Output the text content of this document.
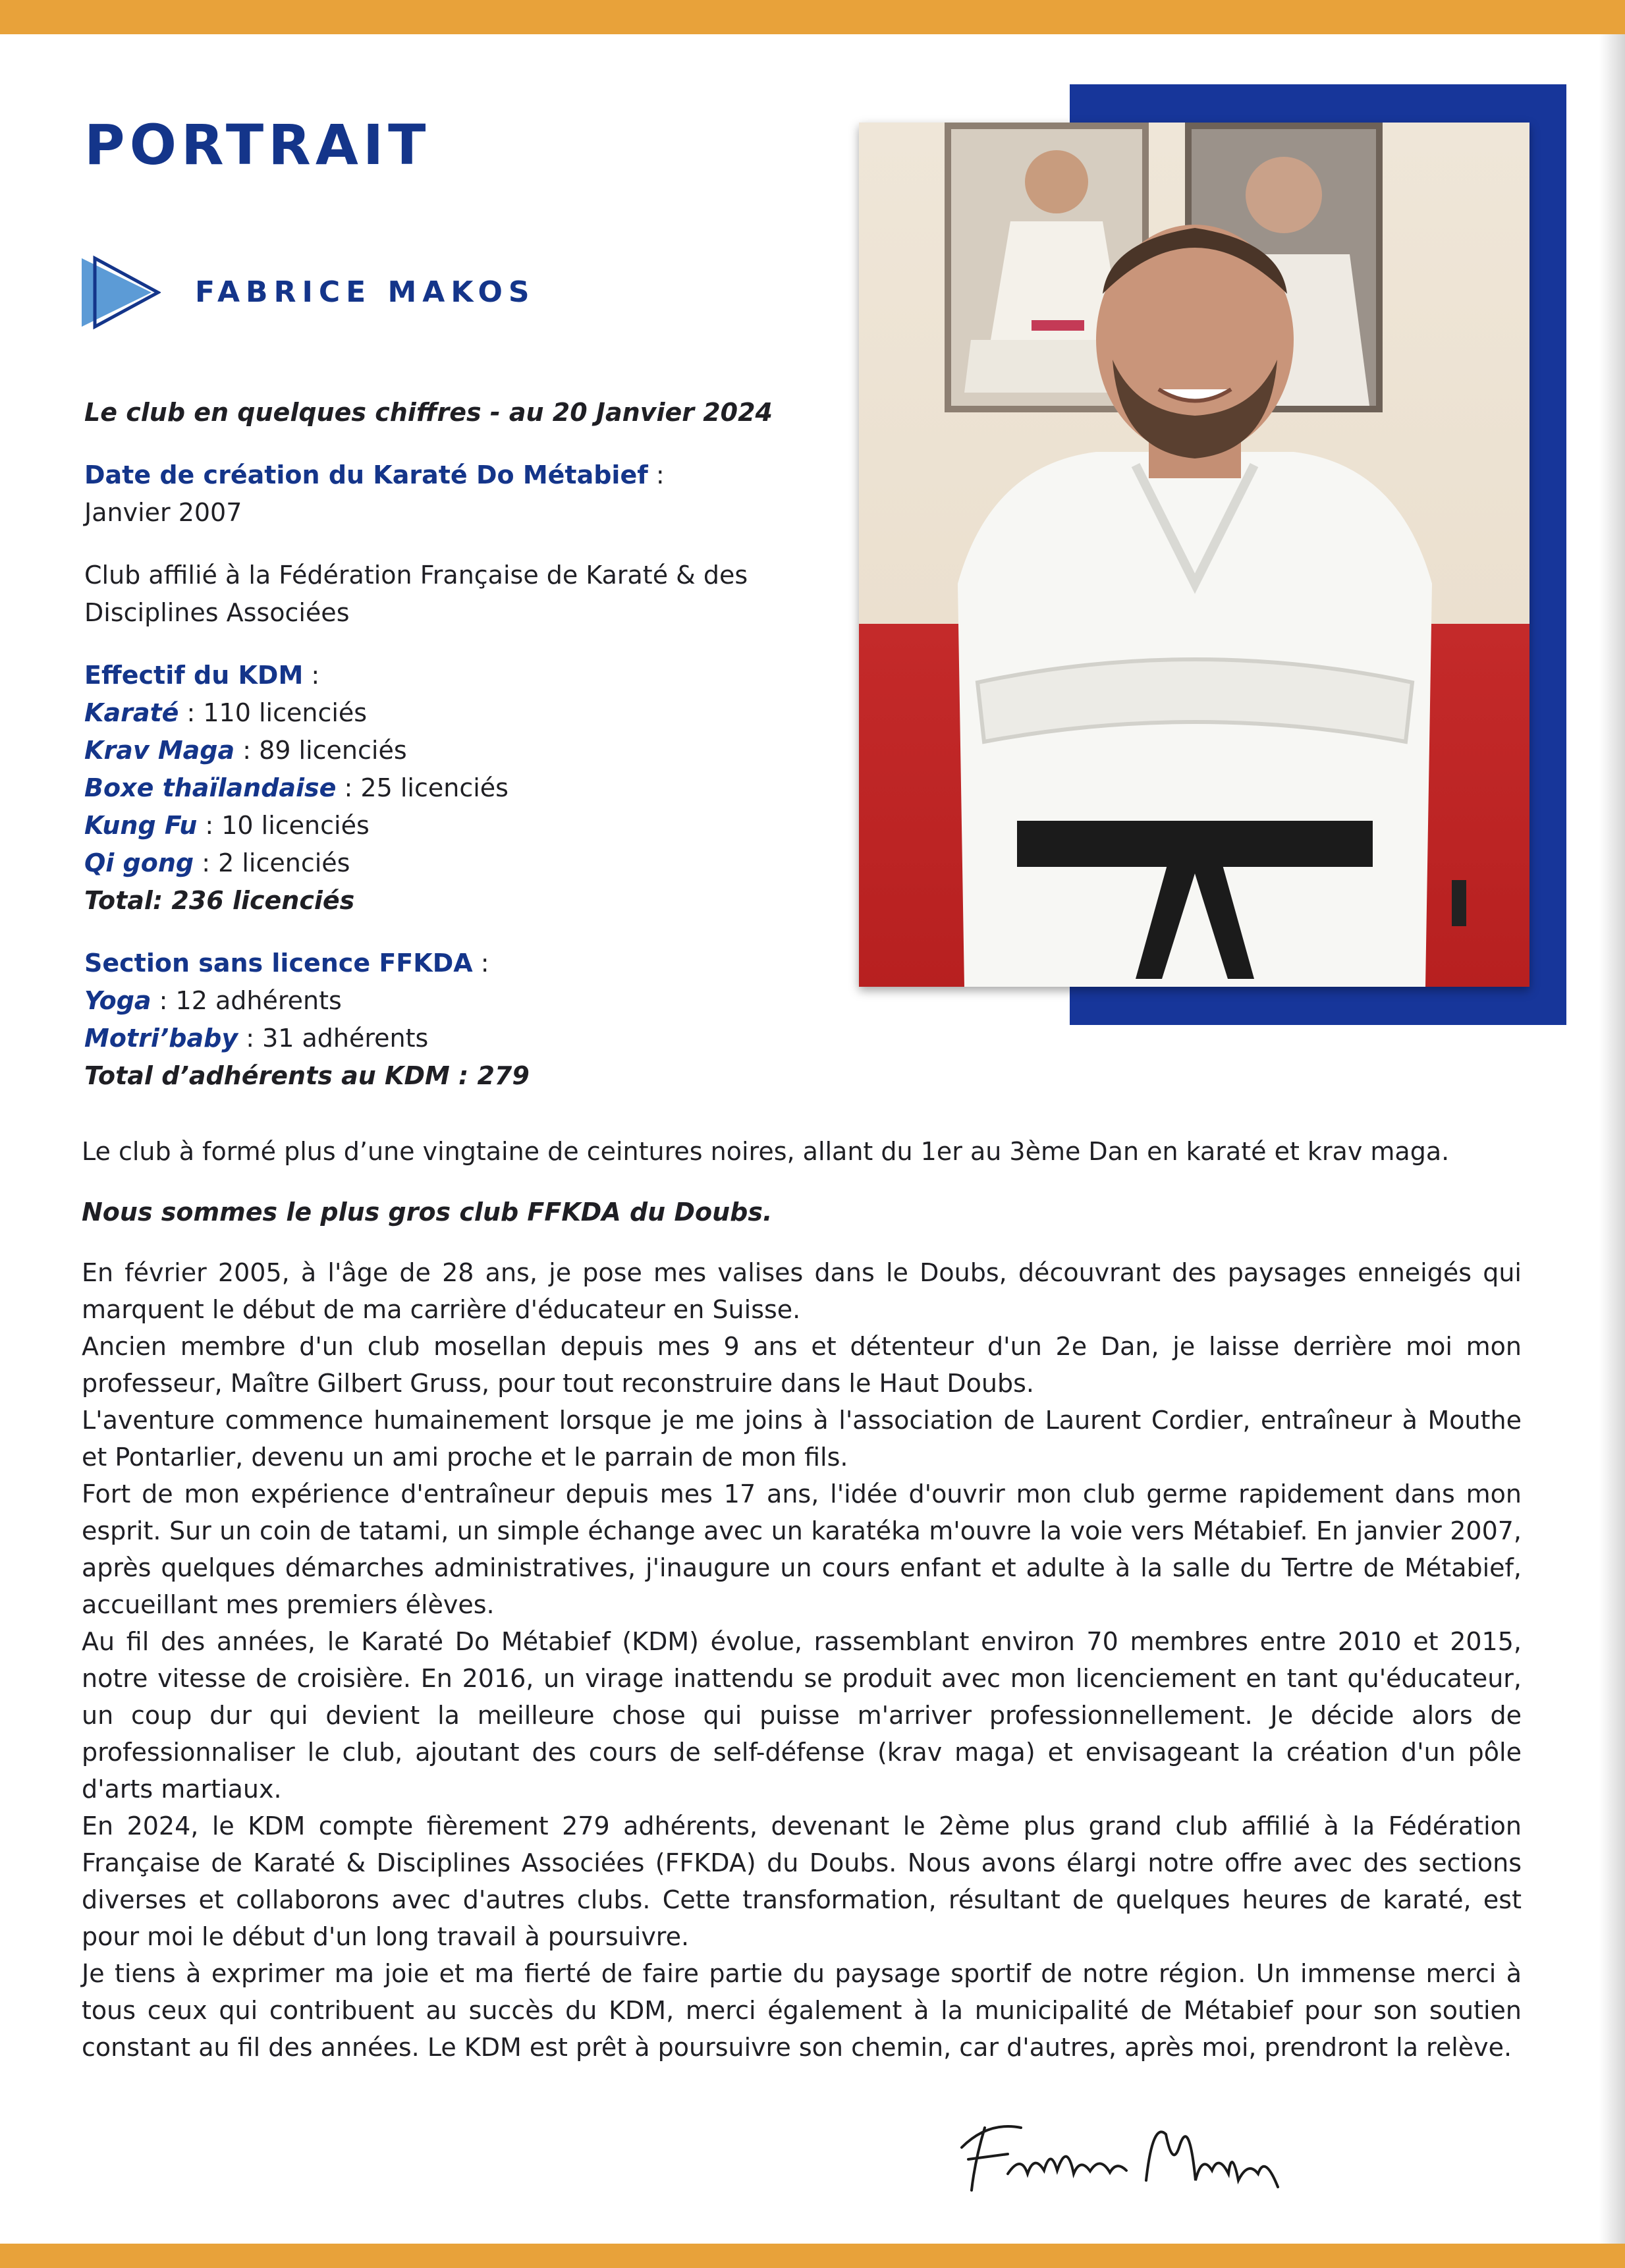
PORTRAIT
FABRICE MAKOS

Le club en quelques chiffres - au 20 Janvier 2024

Date de création du Karaté Do Métabief :

Janvier 2007

Club affilié à la Fédération Française de Karaté & des Disciplines Associées

Effectif du KDM :

Karaté : 110 licenciés

Krav Maga : 89 licenciés

Boxe thaïlandaise : 25 licenciés

Kung Fu : 10 licenciés

Qi gong : 2 licenciés

Total: 236 licenciés

Section sans licence FFKDA :

Yoga : 12 adhérents

Motri’baby : 31 adhérents

Total d’adhérents au KDM : 279

Le club à formé plus d’une vingtaine de ceintures noires, allant du 1er au 3ème Dan en karaté et krav maga.

Nous sommes le plus gros club FFKDA du Doubs.

En février 2005, à l'âge de 28 ans, je pose mes valises dans le Doubs, découvrant des paysages enneigés qui marquent le début de ma carrière d'éducateur en Suisse.

Ancien membre d'un club mosellan depuis mes 9 ans et détenteur d'un 2e Dan, je laisse derrière moi mon professeur, Maître Gilbert Gruss, pour tout reconstruire dans le Haut Doubs.

L'aventure commence humainement lorsque je me joins à l'association de Laurent Cordier, entraîneur à Mouthe et Pontarlier, devenu un ami proche et le parrain de mon fils.

Fort de mon expérience d'entraîneur depuis mes 17 ans, l'idée d'ouvrir mon club germe rapidement dans mon esprit. Sur un coin de tatami, un simple échange avec un karatéka m'ouvre la voie vers Métabief. En janvier 2007, après quelques démarches administratives, j'inaugure un cours enfant et adulte à la salle du Tertre de Métabief, accueillant mes premiers élèves.

Au fil des années, le Karaté Do Métabief (KDM) évolue, rassemblant environ 70 membres entre 2010 et 2015, notre vitesse de croisière. En 2016, un virage inattendu se produit avec mon licenciement en tant qu'éducateur, un coup dur qui devient la meilleure chose qui puisse m'arriver professionnellement. Je décide alors de professionnaliser le club, ajoutant des cours de self-défense (krav maga) et envisageant la création d'un pôle d'arts martiaux.

En 2024, le KDM compte fièrement 279 adhérents, devenant le 2ème plus grand club affilié à la Fédération Française de Karaté & Disciplines Associées (FFKDA) du Doubs. Nous avons élargi notre offre avec des sections diverses et collaborons avec d'autres clubs. Cette transformation, résultant de quelques heures de karaté, est pour moi le début d'un long travail à poursuivre.

Je tiens à exprimer ma joie et ma fierté de faire partie du paysage sportif de notre région. Un immense merci à tous ceux qui contribuent au succès du KDM, merci également à la municipalité de Métabief pour son soutien constant au fil des années. Le KDM est prêt à poursuivre son chemin, car d'autres, après moi, prendront la relève.
